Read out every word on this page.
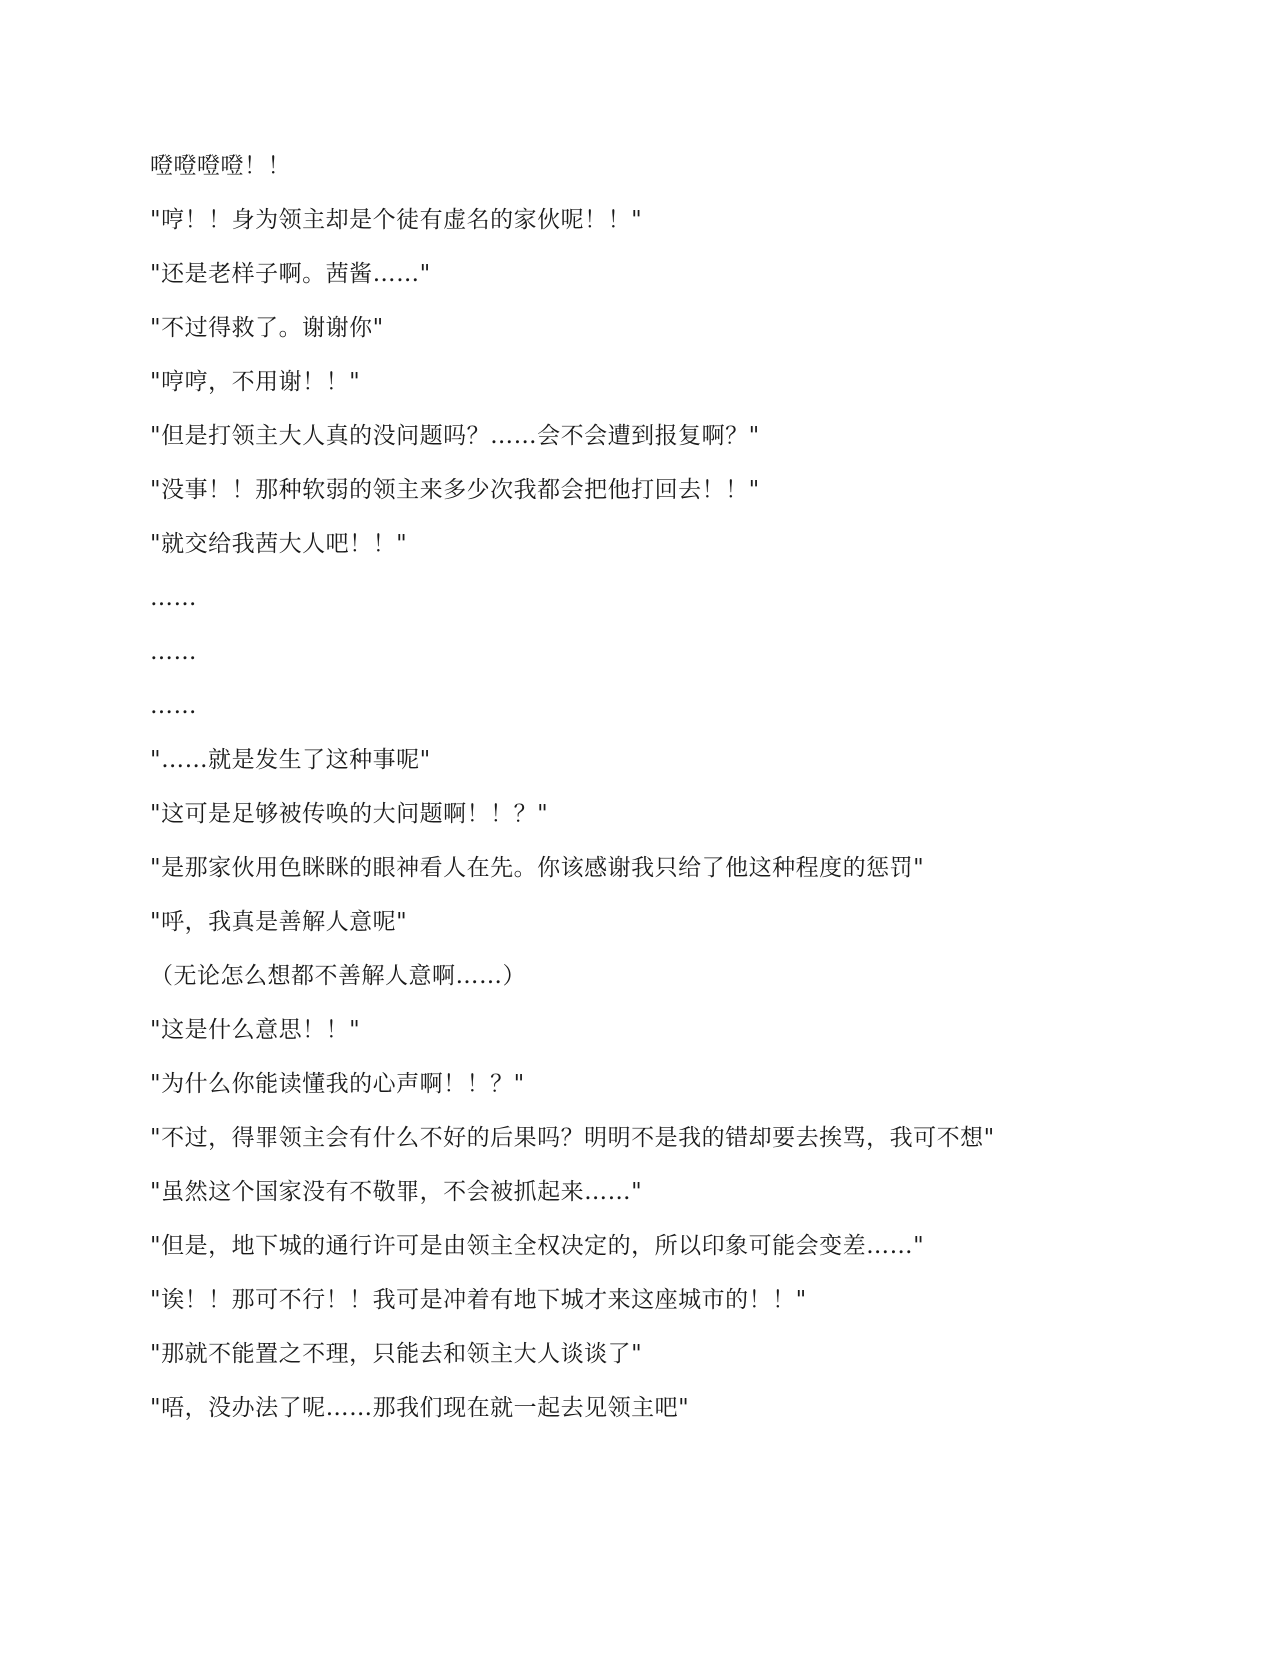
噔噔噔噔！！
"哼！！身为领主却是个徒有虚名的家伙呢！！"
"还是老样子啊。茜酱……"
"不过得救了。谢谢你"
"哼哼，不用谢！！"
"但是打领主大人真的没问题吗？……会不会遭到报复啊？"
"没事！！那种软弱的领主来多少次我都会把他打回去！！"
"就交给我茜大人吧！！"
……
……
……
"……就是发生了这种事呢"
"这可是足够被传唤的大问题啊！！？"
"是那家伙用色眯眯的眼神看人在先。你该感谢我只给了他这种程度的惩罚"
"呼，我真是善解人意呢"
（无论怎么想都不善解人意啊……）
"这是什么意思！！"
"为什么你能读懂我的心声啊！！？"
"不过，得罪领主会有什么不好的后果吗？明明不是我的错却要去挨骂，我可不想"
"虽然这个国家没有不敬罪，不会被抓起来……"
"但是，地下城的通行许可是由领主全权决定的，所以印象可能会变差……"
"诶！！那可不行！！我可是冲着有地下城才来这座城市的！！"
"那就不能置之不理，只能去和领主大人谈谈了"
"唔，没办法了呢……那我们现在就一起去见领主吧"
